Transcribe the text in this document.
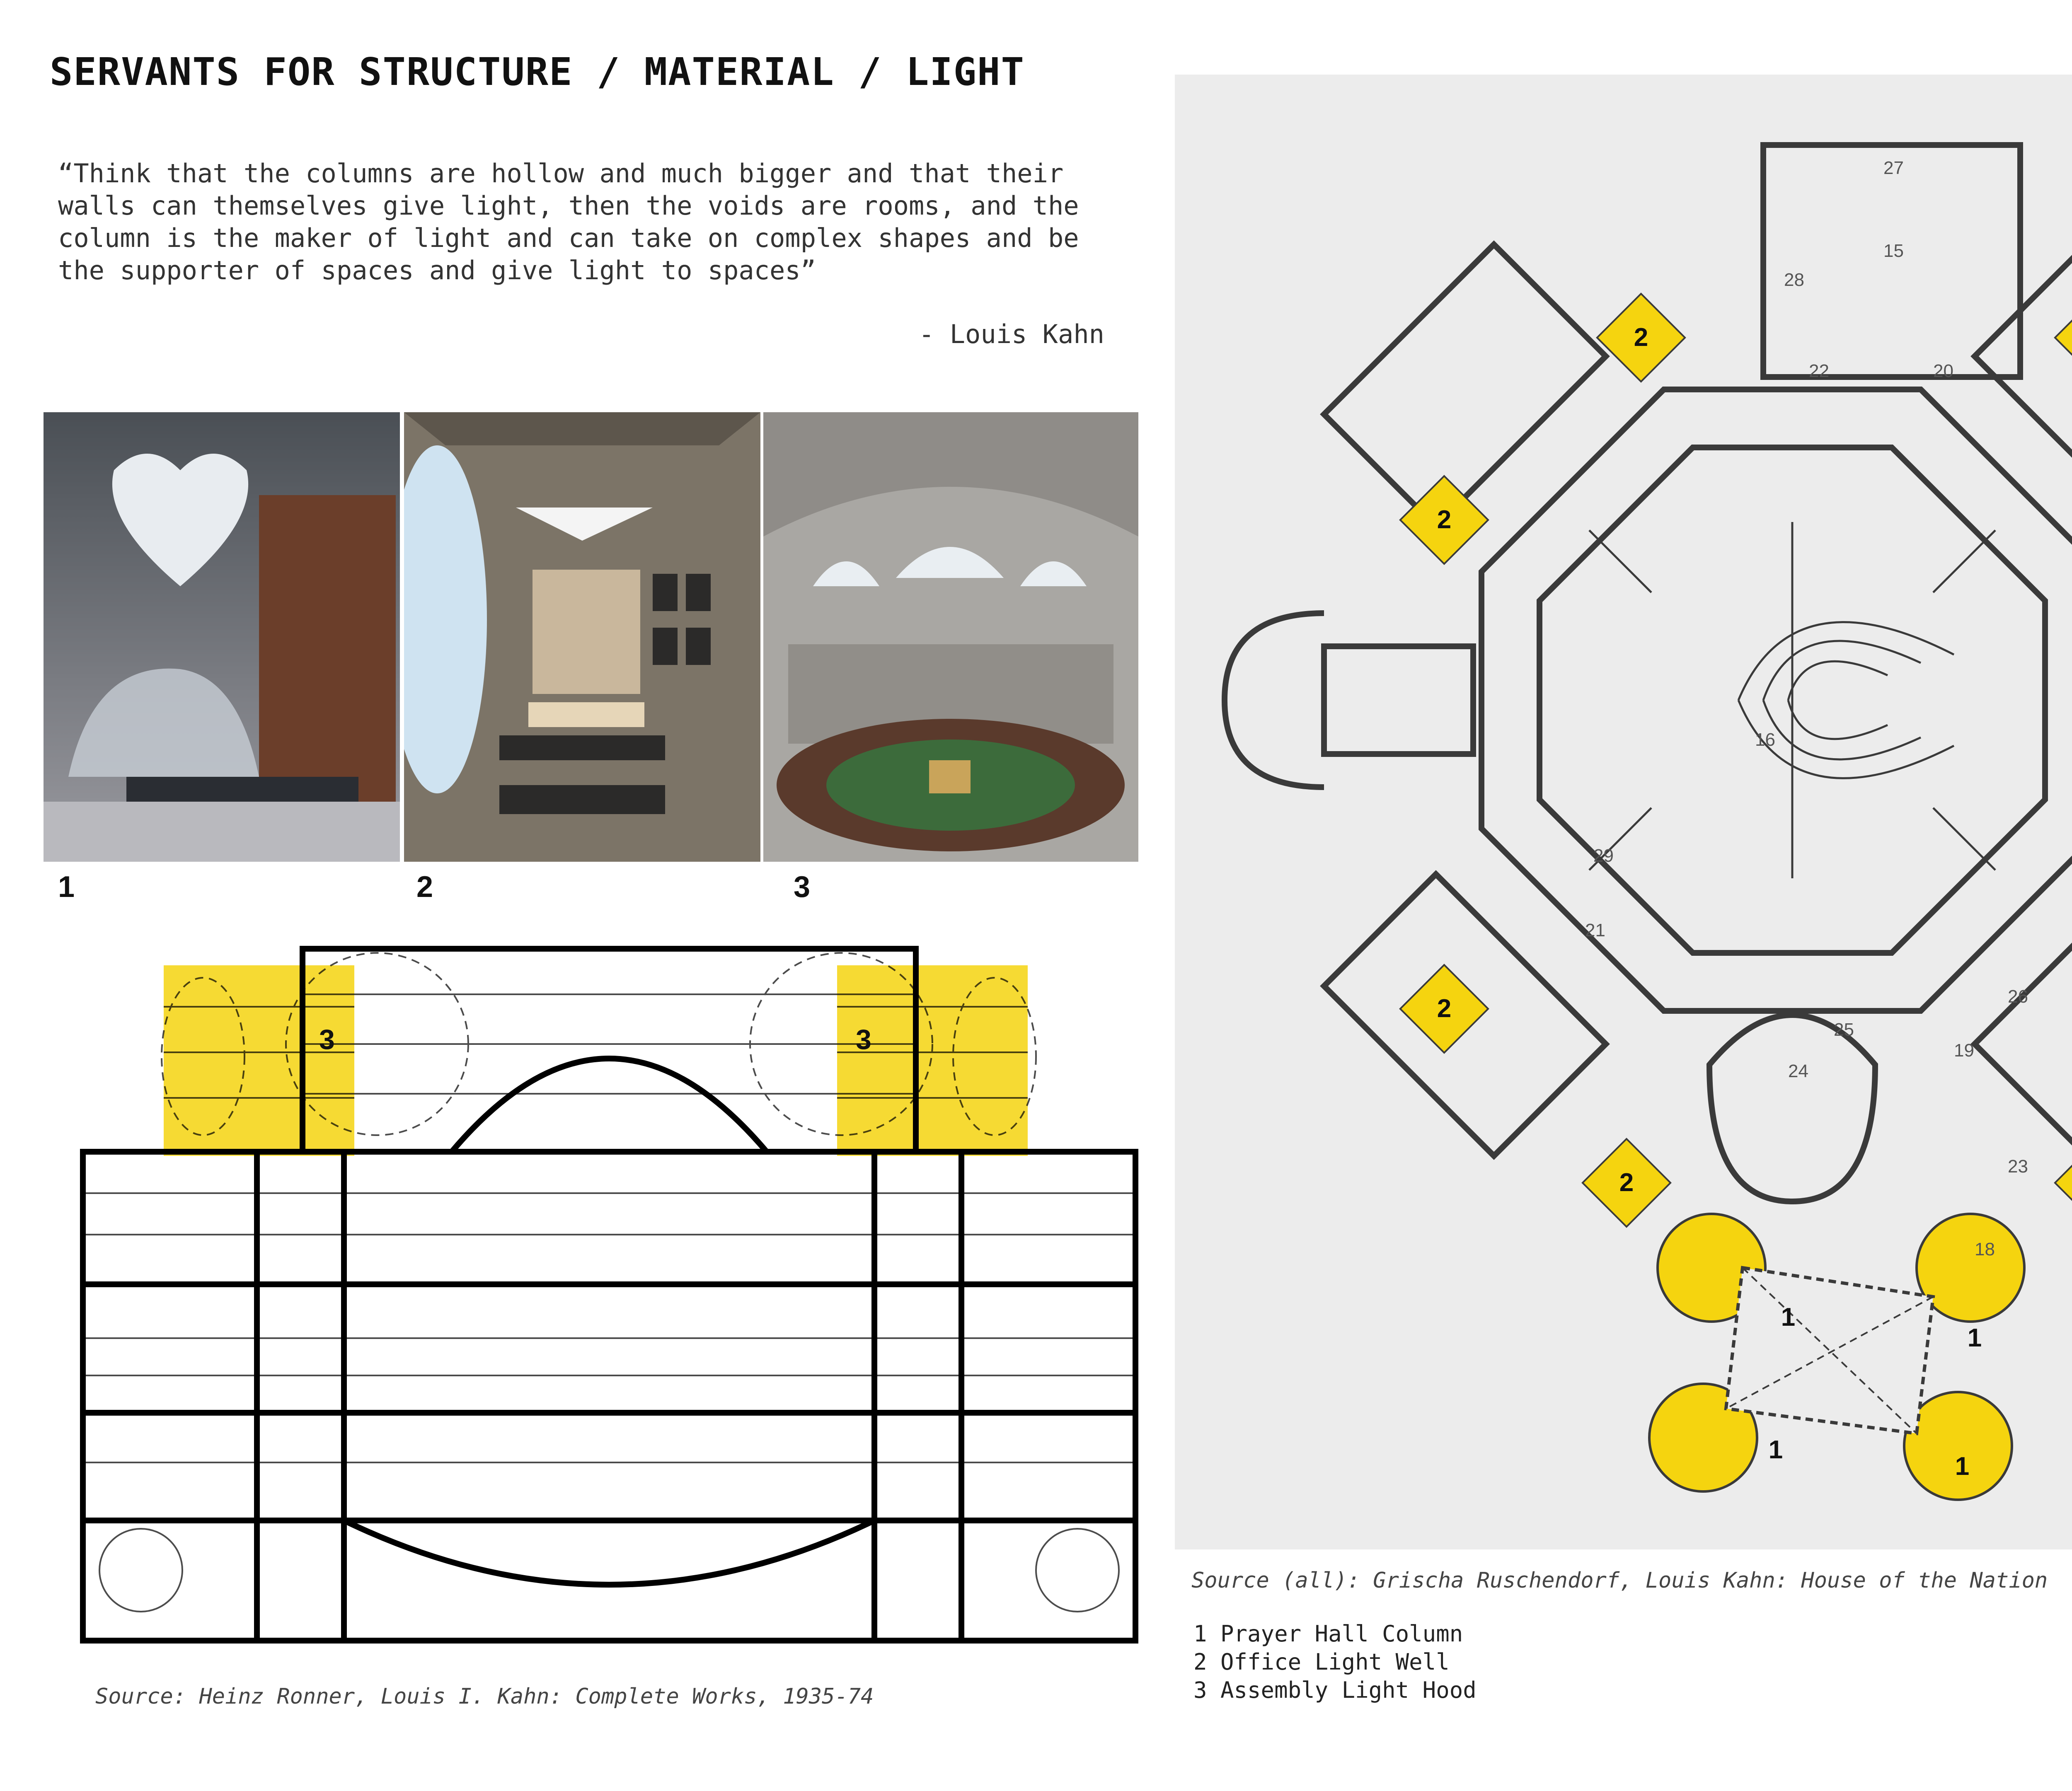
SERVANTS FOR STRUCTURE / MATERIAL / LIGHT
“Think that the columns are hollow and much bigger and that their walls can themselves give light, then the voids are rooms, and the column is the maker of light and can take on complex shapes and be the supporter of spaces and give light to spaces”
- Louis Kahn
1	2	3
3	3
Source: Heinz Ronner, Louis I. Kahn: Complete Works, 1935-74
27
15
28
22	20
16
29
21
26
25
19
24
23
18
2
2
2
2
1
1
1
1
Source (all): Grischa Ruschendorf, Louis Kahn: House of the Nation
1 Prayer Hall Column
2 Office Light Well
3 Assembly Light Hood
